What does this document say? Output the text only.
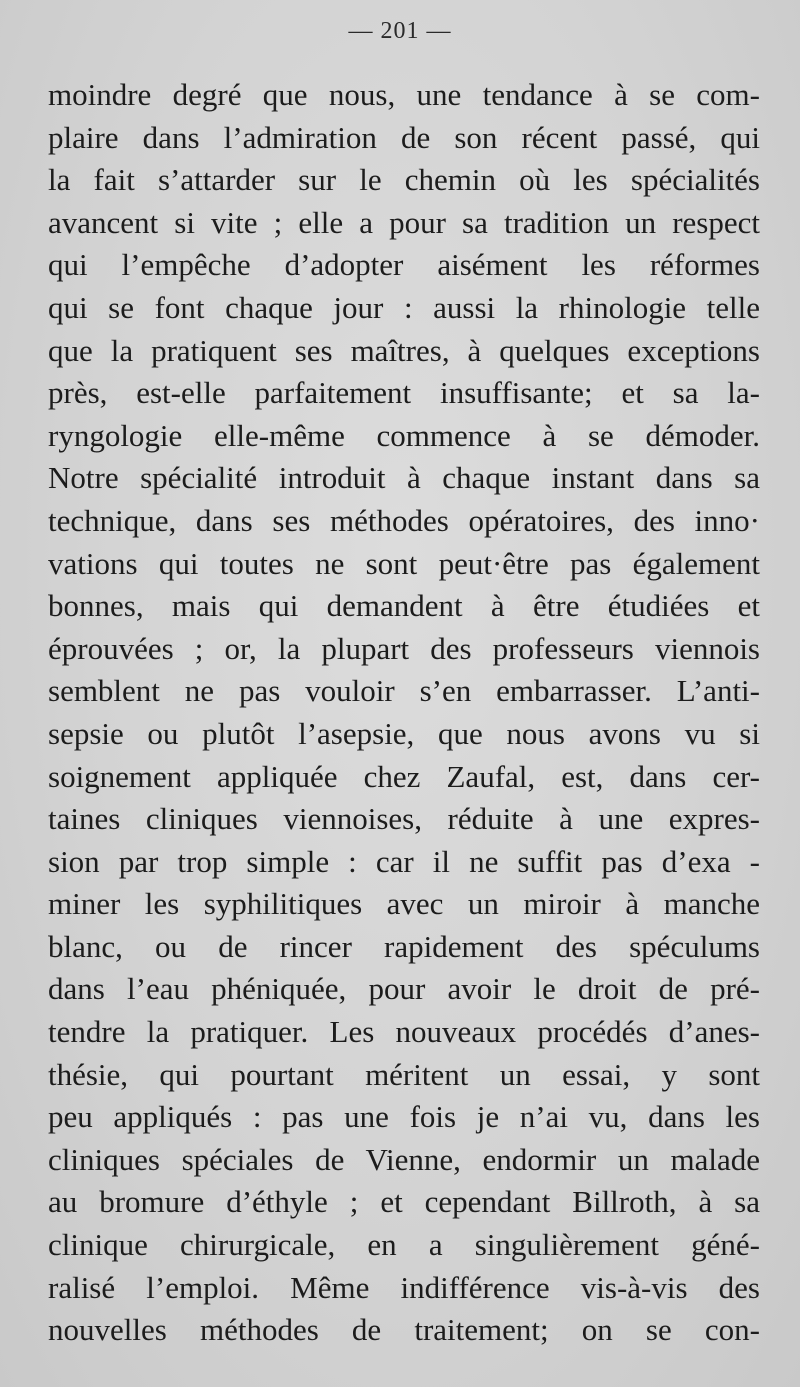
— 201 —
moindre degré que nous, une tendance à se com-
plaire dans l’admiration de son récent passé, qui
la fait s’attarder sur le chemin où les spécialités
avancent si vite ; elle a pour sa tradition un respect
qui l’empêche d’adopter aisément les réformes
qui se font chaque jour : aussi la rhinologie telle
que la pratiquent ses maîtres, à quelques exceptions
près, est-elle parfaitement insuffisante; et sa la-
ryngologie elle-même commence à se démoder.
Notre spécialité introduit à chaque instant dans sa
technique, dans ses méthodes opératoires, des inno·
vations qui toutes ne sont peut·être pas également
bonnes, mais qui demandent à être étudiées et
éprouvées ; or, la plupart des professeurs viennois
semblent ne pas vouloir s’en embarrasser. L’anti-
sepsie ou plutôt l’asepsie, que nous avons vu si
soignement appliquée chez Zaufal, est, dans cer-
taines cliniques viennoises, réduite à une expres-
sion par trop simple : car il ne suffit pas d’exa -
miner les syphilitiques avec un miroir à manche
blanc, ou de rincer rapidement des spéculums
dans l’eau phéniquée, pour avoir le droit de pré-
tendre la pratiquer. Les nouveaux procédés d’anes-
thésie, qui pourtant méritent un essai, y sont
peu appliqués : pas une fois je n’ai vu, dans les
cliniques spéciales de Vienne, endormir un malade
au bromure d’éthyle ; et cependant Billroth, à sa
clinique chirurgicale, en a singulièrement géné-
ralisé l’emploi. Même indifférence vis-à-vis des
nouvelles méthodes de traitement; on se con-
